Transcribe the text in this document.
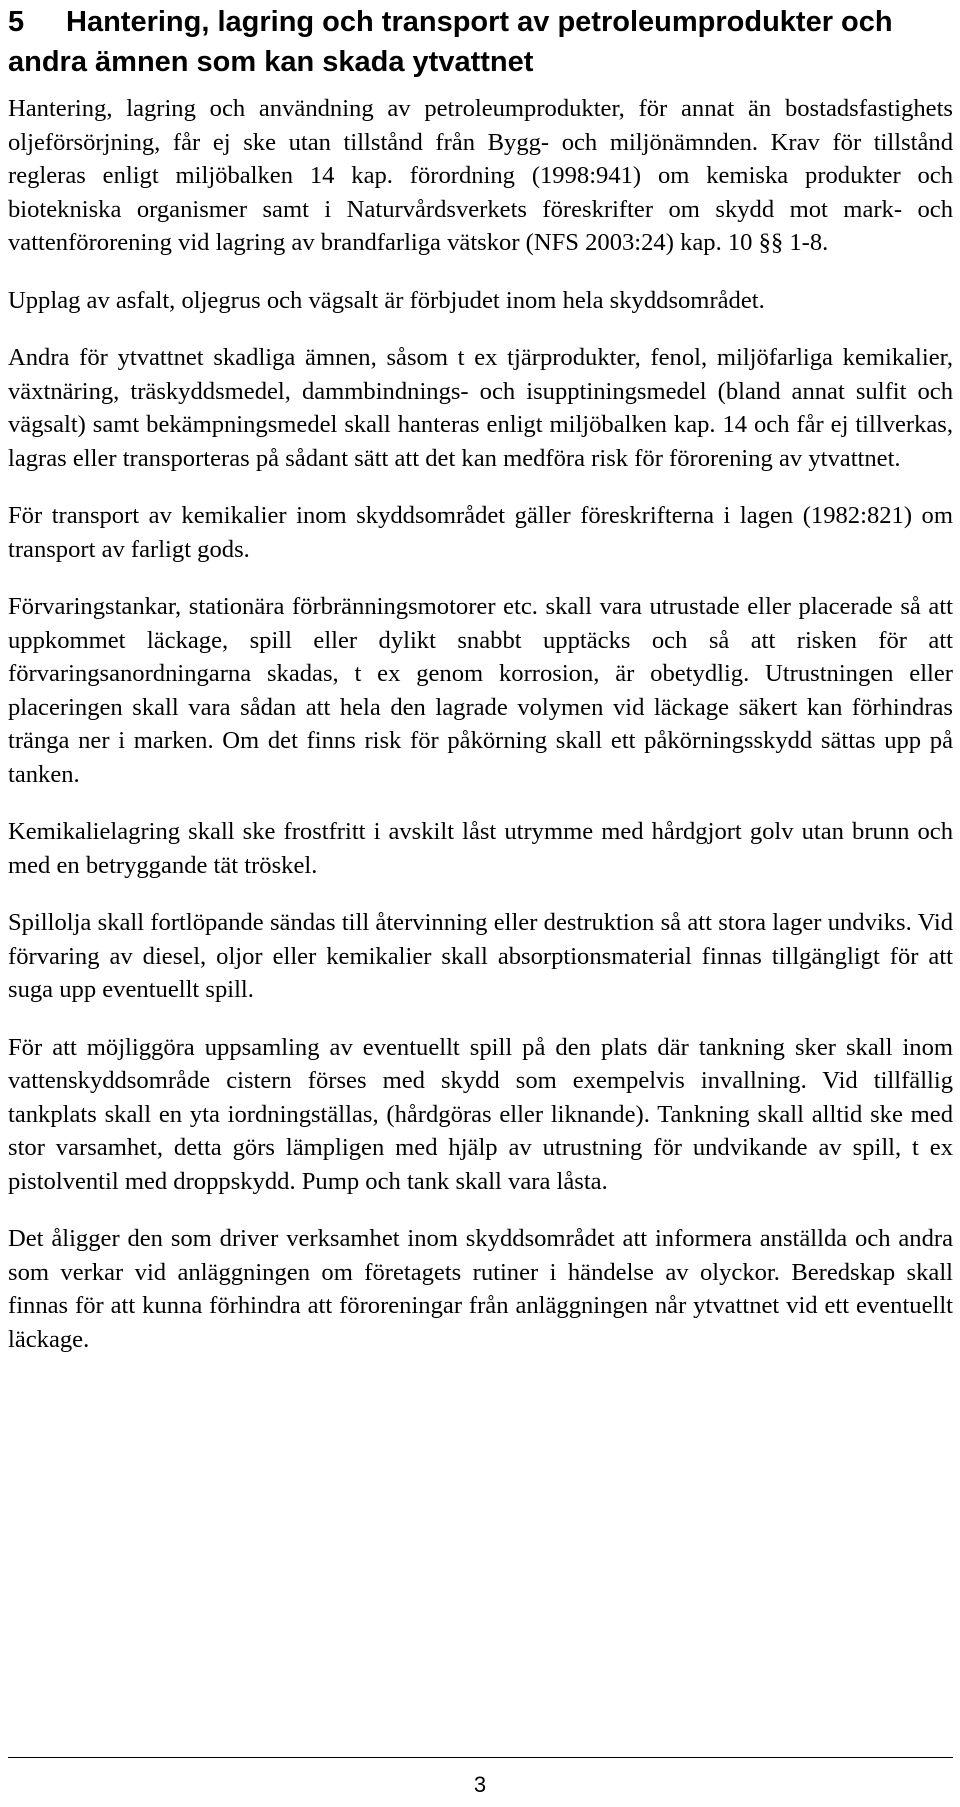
5 Hantering, lagring och transport av petroleumprodukter och andra ämnen som kan skada ytvattnet

Hantering, lagring och användning av petroleumprodukter, för annat än bostadsfastighets oljeförsörjning, får ej ske utan tillstånd från Bygg- och miljönämnden. Krav för tillstånd regleras enligt miljöbalken 14 kap. förordning (1998:941) om kemiska produkter och biotekniska organismer samt i Naturvårdsverkets föreskrifter om skydd mot mark- och vattenförorening vid lagring av brandfarliga vätskor (NFS 2003:24) kap. 10 §§ 1-8.

Upplag av asfalt, oljegrus och vägsalt är förbjudet inom hela skyddsområdet.

Andra för ytvattnet skadliga ämnen, såsom t ex tjärprodukter, fenol, miljöfarliga kemikalier, växtnäring, träskyddsmedel, dammbindnings- och isupptiningsmedel (bland annat sulfit och vägsalt) samt bekämpningsmedel skall hanteras enligt miljöbalken kap. 14 och får ej tillverkas, lagras eller transporteras på sådant sätt att det kan medföra risk för förorening av ytvattnet.

För transport av kemikalier inom skyddsområdet gäller föreskrifterna i lagen (1982:821) om transport av farligt gods.

Förvaringstankar, stationära förbränningsmotorer etc. skall vara utrustade eller placerade så att uppkommet läckage, spill eller dylikt snabbt upptäcks och så att risken för att förvaringsanordningarna skadas, t ex genom korrosion, är obetydlig. Utrustningen eller placeringen skall vara sådan att hela den lagrade volymen vid läckage säkert kan förhindras tränga ner i marken. Om det finns risk för påkörning skall ett påkörningsskydd sättas upp på tanken.

Kemikalielagring skall ske frostfritt i avskilt låst utrymme med hårdgjort golv utan brunn och med en betryggande tät tröskel.

Spillolja skall fortlöpande sändas till återvinning eller destruktion så att stora lager undviks. Vid förvaring av diesel, oljor eller kemikalier skall absorptionsmaterial finnas tillgängligt för att suga upp eventuellt spill.

För att möjliggöra uppsamling av eventuellt spill på den plats där tankning sker skall inom vattenskyddsområde cistern förses med skydd som exempelvis invallning. Vid tillfällig tankplats skall en yta iordningställas, (hårdgöras eller liknande). Tankning skall alltid ske med stor varsamhet, detta görs lämpligen med hjälp av utrustning för undvikande av spill, t ex pistolventil med droppskydd. Pump och tank skall vara låsta.

Det åligger den som driver verksamhet inom skyddsområdet att informera anställda och andra som verkar vid anläggningen om företagets rutiner i händelse av olyckor. Beredskap skall finnas för att kunna förhindra att föroreningar från anläggningen når ytvattnet vid ett eventuellt läckage.

3
